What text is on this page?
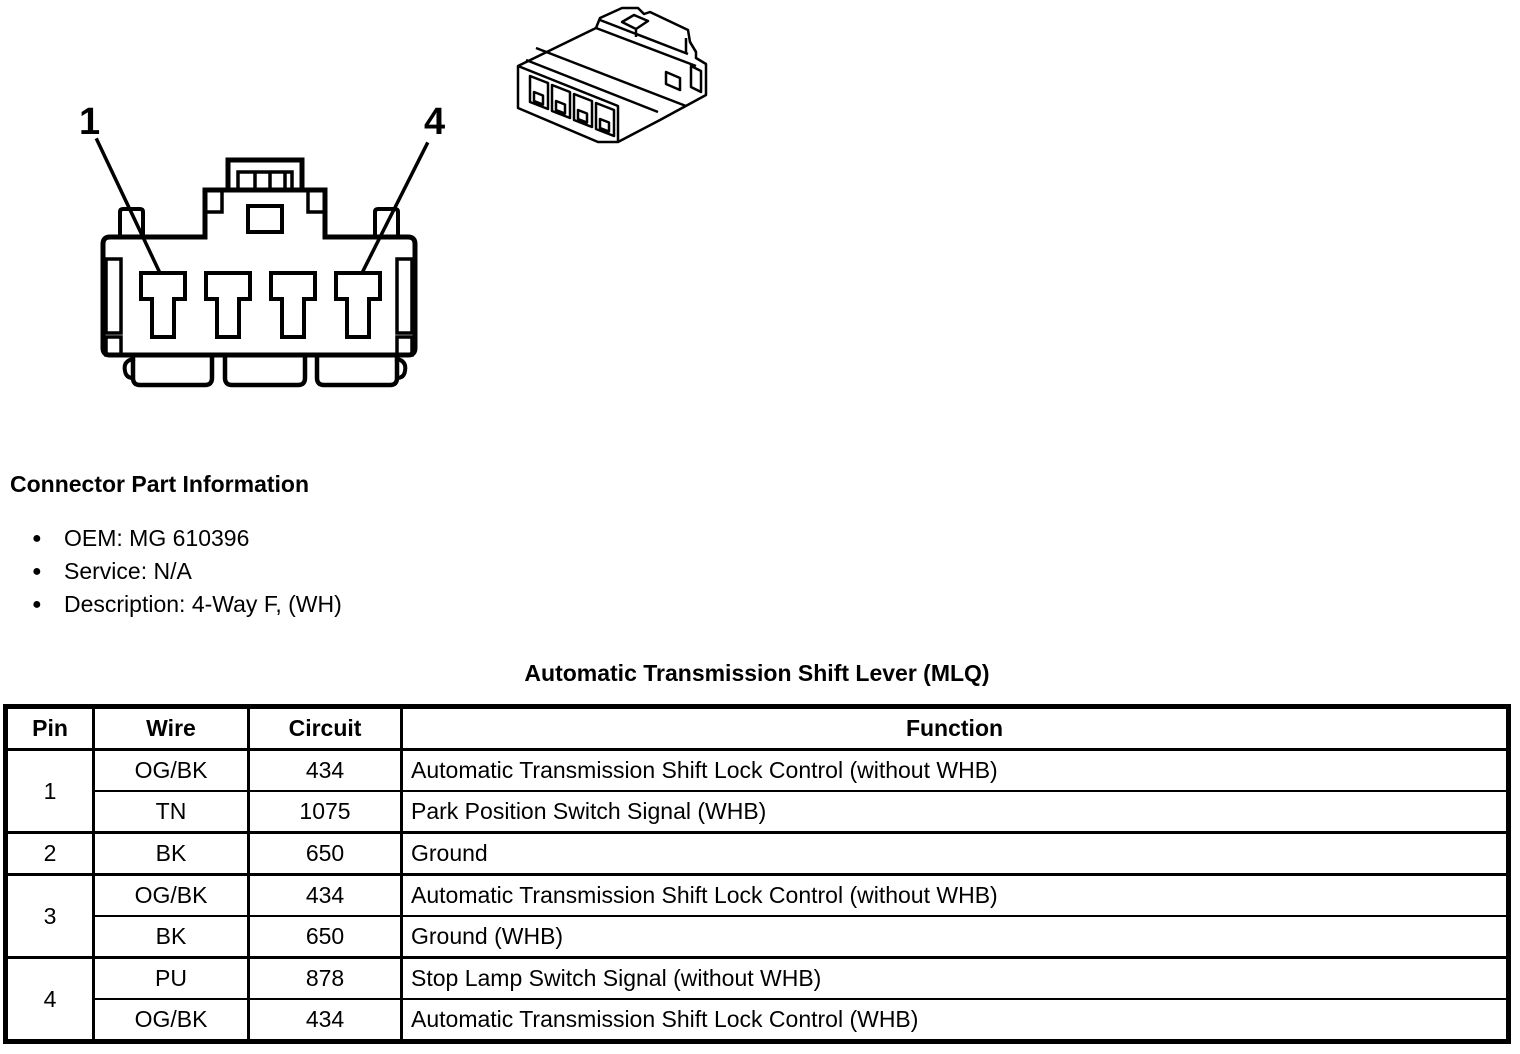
1	4
Connector Part Information
● OEM: MG 610396
● Service: N/A
● Description: 4-Way F, (WH)
Automatic Transmission Shift Lever (MLQ)
Pin	Wire	Circuit	Function
1	OG/BK	434	Automatic Transmission Shift Lock Control (without WHB)
	TN	1075	Park Position Switch Signal (WHB)
2	BK	650	Ground
3	OG/BK	434	Automatic Transmission Shift Lock Control (without WHB)
	BK	650	Ground (WHB)
4	PU	878	Stop Lamp Switch Signal (without WHB)
	OG/BK	434	Automatic Transmission Shift Lock Control (WHB)
